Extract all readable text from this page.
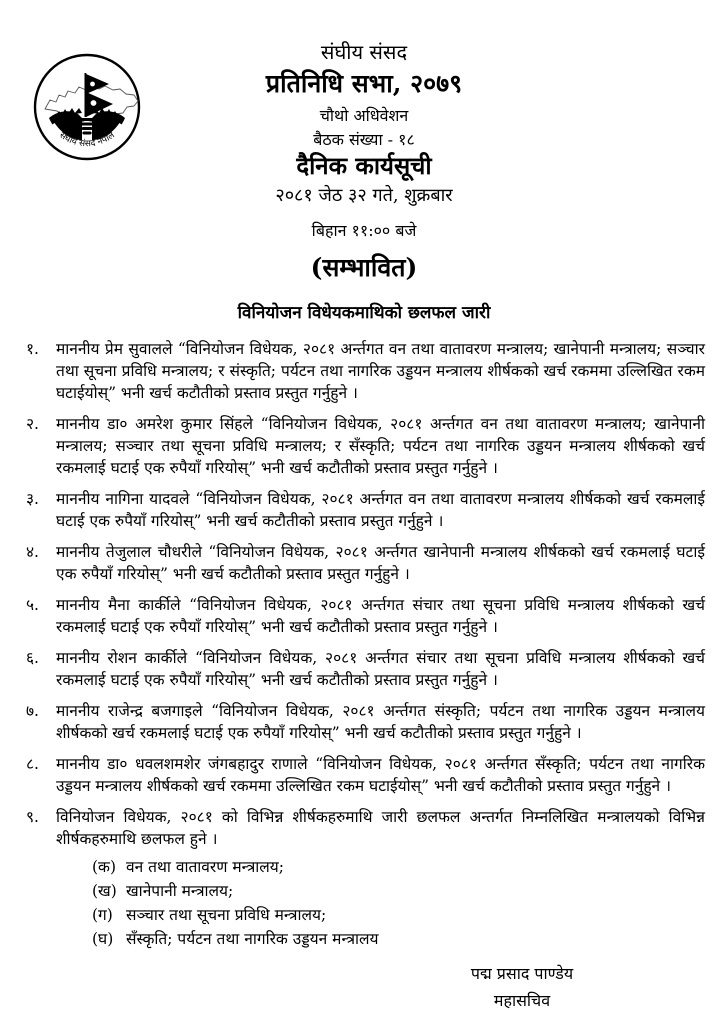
संघीय संसद नेपाल
संघीय संसद
प्रतिनिधि सभा, २०७९
चौथो अधिवेशन
बैठक संख्या - १८
दैनिक कार्यसूची
२०८१ जेठ ३२ गते, शुक्रबार
बिहान ११:०० बजे
(सम्भावित)
विनियोजन विधेयकमाथिको छलफल जारी
१.	माननीय प्रेम सुवालले “विनियोजन विधेयक, २०८१ अर्न्तगत वन तथा वातावरण मन्त्रालय; खानेपानी मन्त्रालय; सञ्चार तथा सूचना प्रविधि मन्त्रालय; र संस्कृति; पर्यटन तथा नागरिक उड्डयन मन्त्रालय शीर्षकको खर्च रकममा उल्लिखित रकम घटाईयोस्” भनी खर्च कटौतीको प्रस्ताव प्रस्तुत गर्नुहुने ।
२.	माननीय डा० अमरेश कुमार सिंहले “विनियोजन विधेयक, २०८१ अर्न्तगत वन तथा वातावरण मन्त्रालय; खानेपानी मन्त्रालय; सञ्चार तथा सूचना प्रविधि मन्त्रालय; र सँस्कृति; पर्यटन तथा नागरिक उड्डयन मन्त्रालय शीर्षकको खर्च रकमलाई घटाई एक रुपैयाँ गरियोस्” भनी खर्च कटौतीको प्रस्ताव प्रस्तुत गर्नुहुने ।
३.	माननीय नागिना यादवले “विनियोजन विधेयक, २०८१ अर्न्तगत वन तथा वातावरण मन्त्रालय शीर्षकको खर्च रकमलाई घटाई एक रुपैयाँ गरियोस्” भनी खर्च कटौतीको प्रस्ताव प्रस्तुत गर्नुहुने ।
४.	माननीय तेजुलाल चौधरीले “विनियोजन विधेयक, २०८१ अर्न्तगत खानेपानी मन्त्रालय शीर्षकको खर्च रकमलाई घटाई एक रुपैयाँ गरियोस्” भनी खर्च कटौतीको प्रस्ताव प्रस्तुत गर्नुहुने ।
५.	माननीय मैना कार्कीले “विनियोजन विधेयक, २०८१ अर्न्तगत संचार तथा सूचना प्रविधि मन्त्रालय शीर्षकको खर्च रकमलाई घटाई एक रुपैयाँ गरियोस्” भनी खर्च कटौतीको प्रस्ताव प्रस्तुत गर्नुहुने ।
६.	माननीय रोशन कार्कीले “विनियोजन विधेयक, २०८१ अर्न्तगत संचार तथा सूचना प्रविधि मन्त्रालय शीर्षकको खर्च रकमलाई घटाई एक रुपैयाँ गरियोस्” भनी खर्च कटौतीको प्रस्ताव प्रस्तुत गर्नुहुने ।
७.	माननीय राजेन्द्र बजगाइले “विनियोजन विधेयक, २०८१ अर्न्तगत संस्कृति; पर्यटन तथा नागरिक उड्डयन मन्त्रालय शीर्षकको खर्च रकमलाई घटाई एक रुपैयाँ गरियोस्” भनी खर्च कटौतीको प्रस्ताव प्रस्तुत गर्नुहुने ।
८.	माननीय डा० धवलशमशेर जंगबहादुर राणाले “विनियोजन विधेयक, २०८१ अर्न्तगत सँस्कृति; पर्यटन तथा नागरिक उड्डयन मन्त्रालय शीर्षकको खर्च रकममा उल्लिखित रकम घटाईयोस्” भनी खर्च कटौतीको प्रस्ताव प्रस्तुत गर्नुहुने ।
९.	विनियोजन विधेयक, २०८१ को विभिन्न शीर्षकहरुमाथि जारी छलफल अन्तर्गत निम्नलिखित मन्त्रालयको विभिन्न शीर्षकहरुमाथि छलफल हुने ।
(क) वन तथा वातावरण मन्त्रालय;
(ख) खानेपानी मन्त्रालय;
(ग) सञ्चार तथा सूचना प्रविधि मन्त्रालय;
(घ) सँस्कृति; पर्यटन तथा नागरिक उड्डयन मन्त्रालय
पद्म प्रसाद पाण्डेय
महासचिव
